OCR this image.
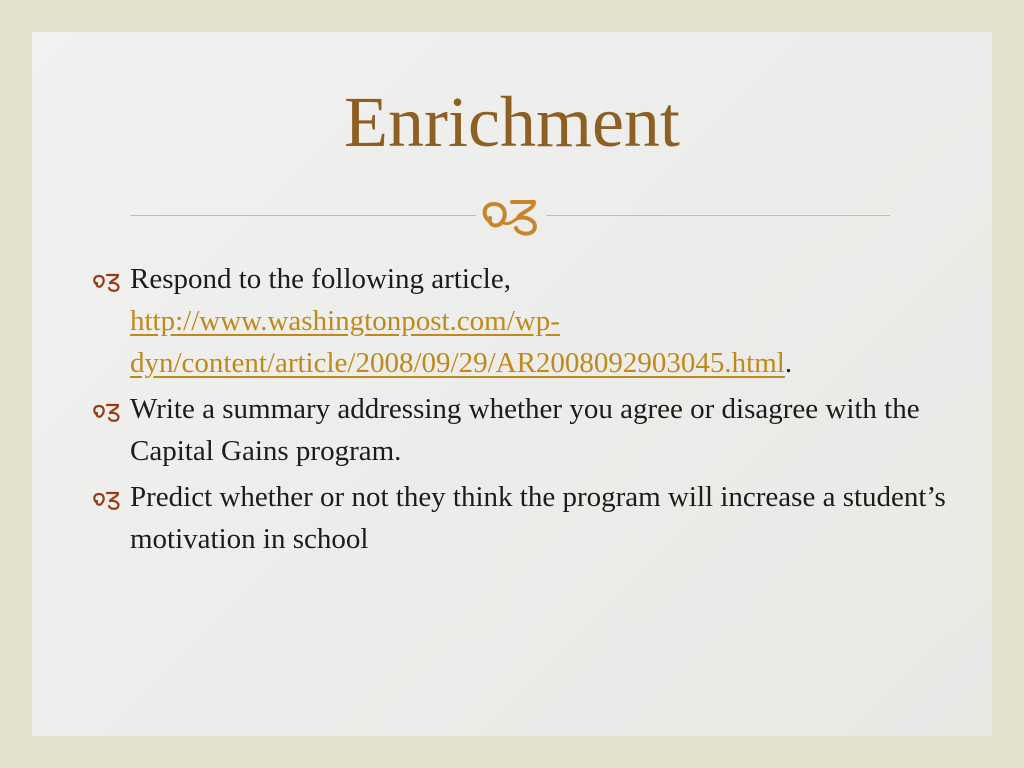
Enrichment
Respond to the following article,
http://www.washingtonpost.com/wp-dyn/content/article/2008/09/29/AR2008092903045.html.
Write a summary addressing whether you agree or disagree with the Capital Gains program.
Predict whether or not they think the program will increase a student’s motivation in school
